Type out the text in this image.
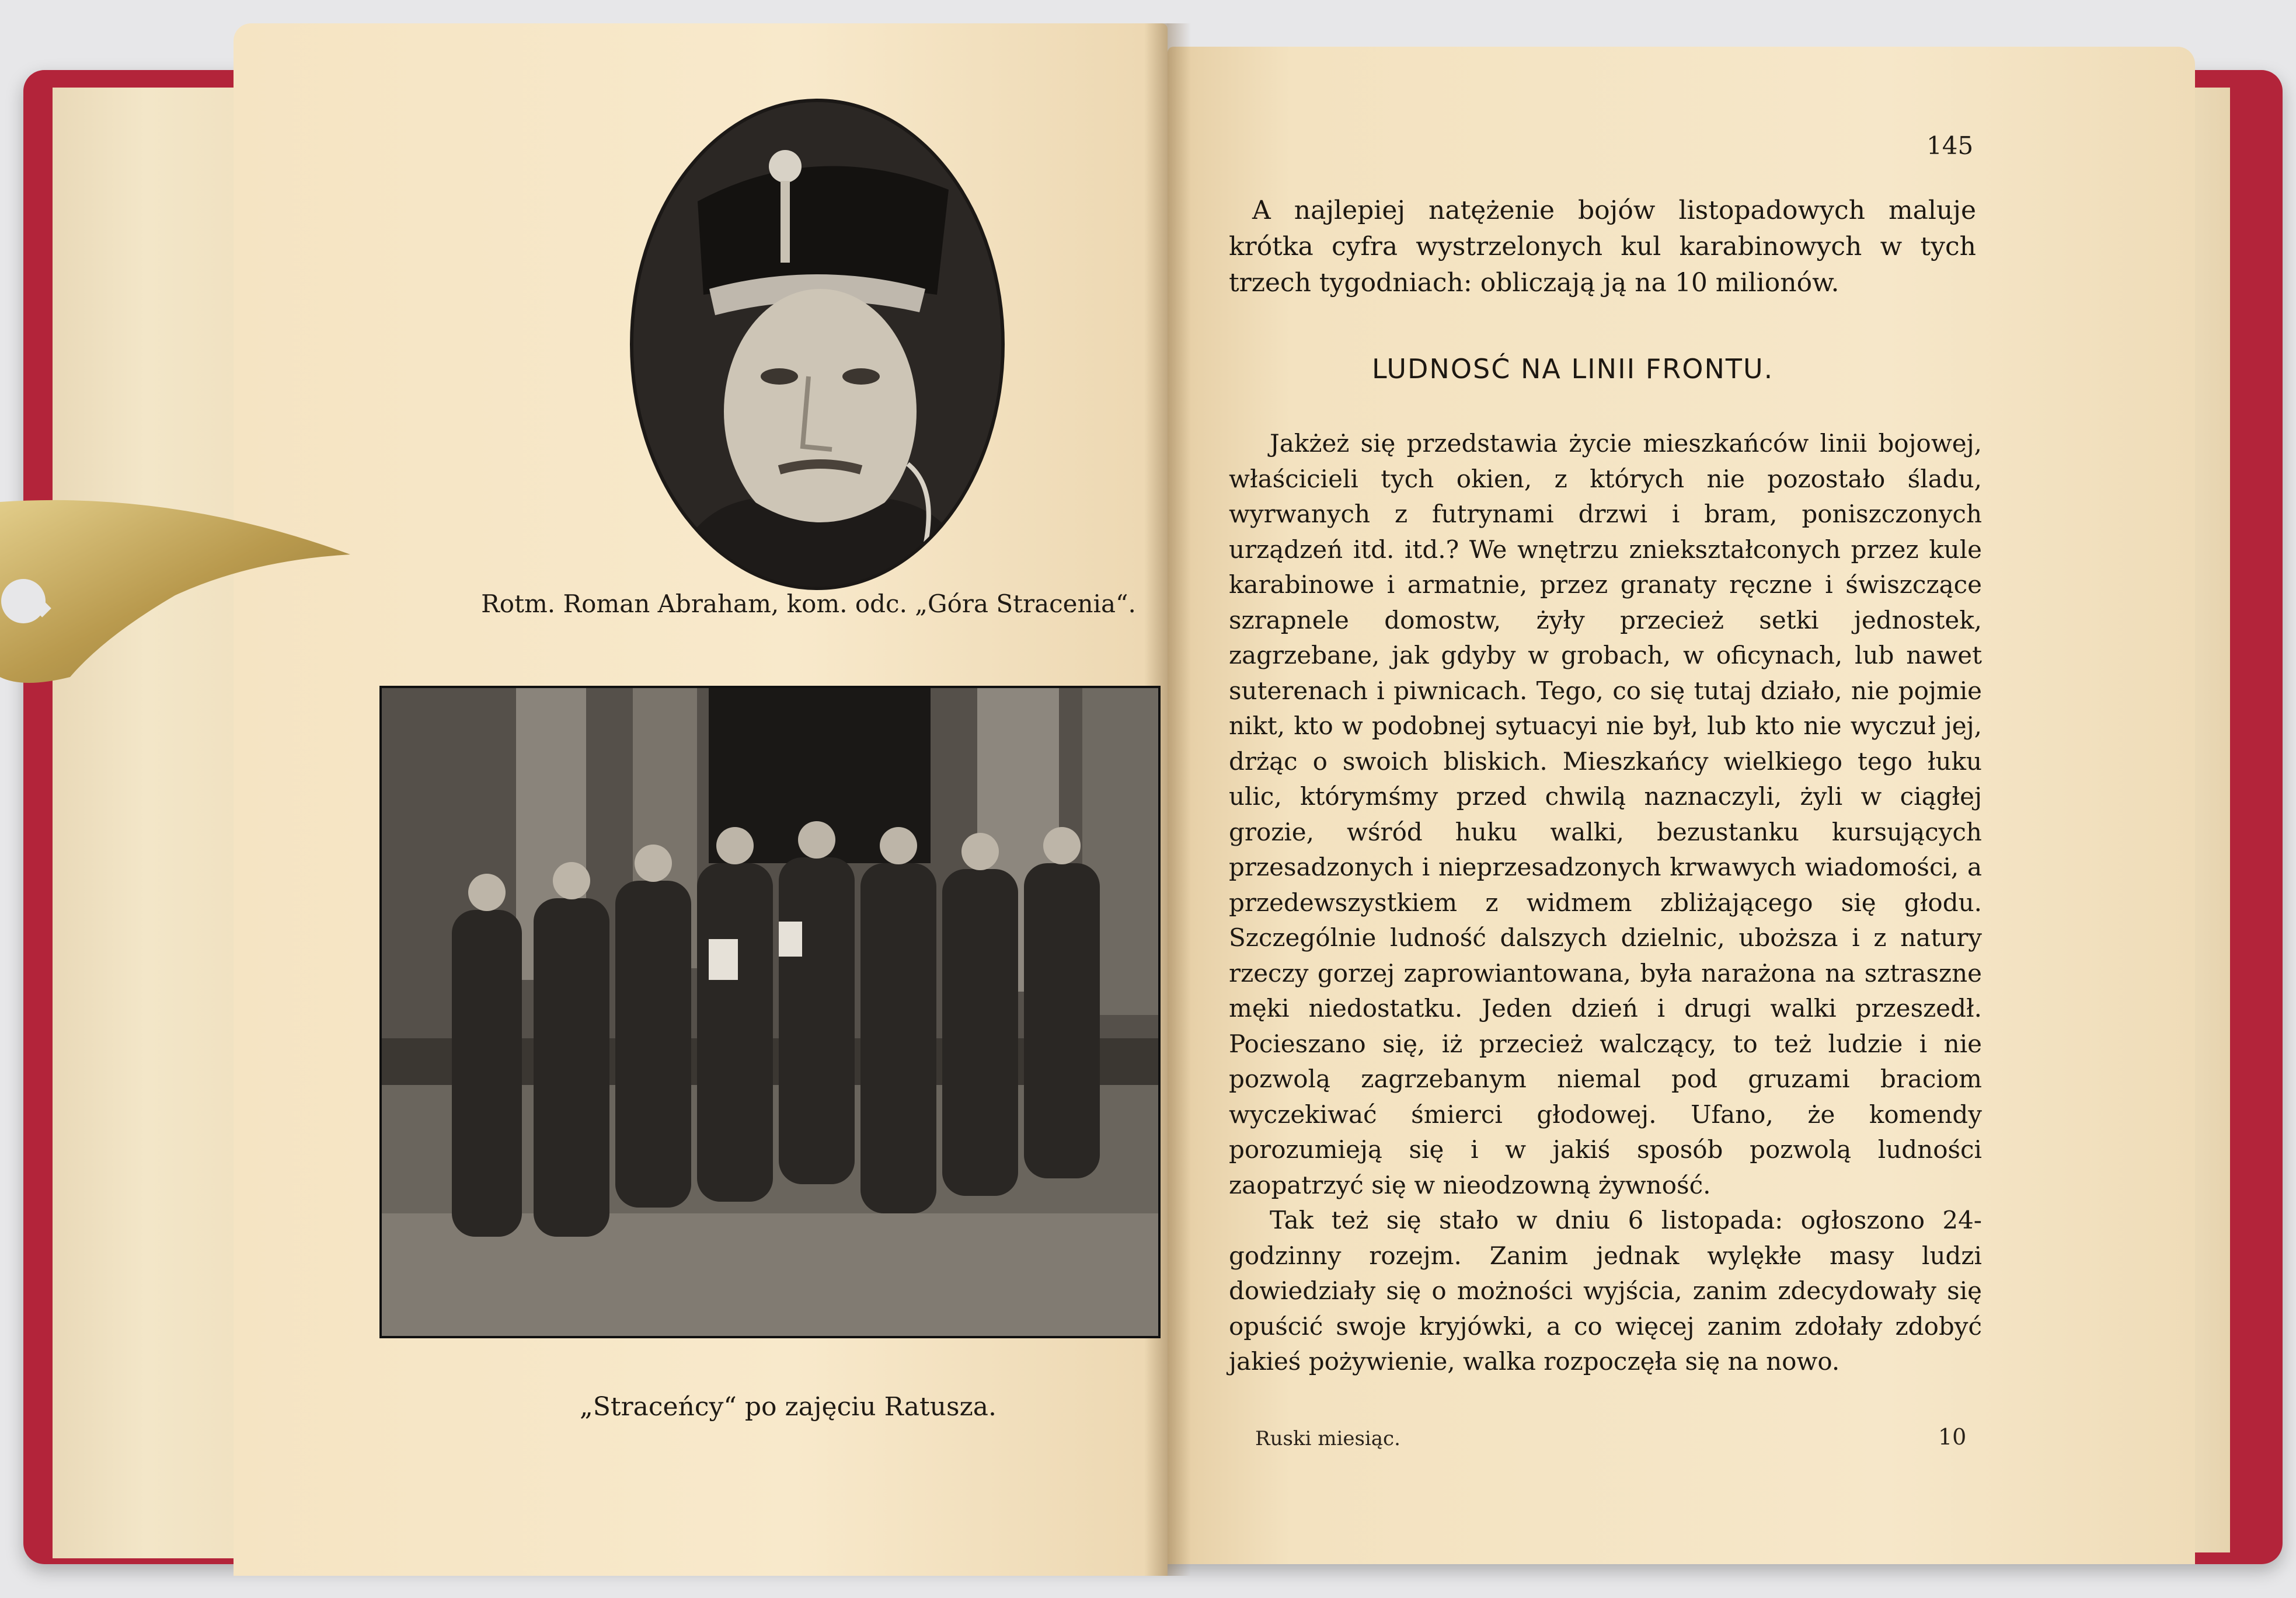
Rotm. Roman Abraham, kom. odc. „Góra Stracenia“.
„Straceńcy“ po zajęciu Ratusza.
145

A najlepiej natężenie bojów listopadowych maluje krótka cyfra wystrzelonych kul karabinowych w tych trzech tygodniach: obliczają ją na 10 milionów.

LUDNOSĆ NA LINII FRONTU.

Jakżeż się przedstawia życie mieszkańców linii bojowej, właścicieli tych okien, z których nie pozostało śladu, wyrwanych z futrynami drzwi i bram, poniszczonych urządzeń itd. itd.? We wnętrzu zniekształconych przez kule karabinowe i armatnie, przez granaty ręczne i świszczące szrapnele domostw, żyły przecież setki jednostek, zagrzebane, jak gdyby w grobach, w oficynach, lub nawet suterenach i piwnicach. Tego, co się tutaj działo, nie pojmie nikt, kto w podobnej sytuacyi nie był, lub kto nie wyczuł jej, drżąc o swoich bliskich. Mieszkańcy wielkiego tego łuku ulic, którymśmy przed chwilą naznaczyli, żyli w ciągłej grozie, wśród huku walki, bezustanku kursujących przesadzonych i nieprzesadzonych krwawych wiadomości, a przedewszystkiem z widmem zbliżającego się głodu. Szczególnie ludność dalszych dzielnic, uboższa i z natury rzeczy gorzej zaprowiantowana, była narażona na sztraszne męki niedostatku. Jeden dzień i drugi walki przeszedł. Pocieszano się, iż przecież walczący, to też ludzie i nie pozwolą zagrzebanym niemal pod gruzami braciom wyczekiwać śmierci głodowej. Ufano, że komendy porozumieją się i w jakiś sposób pozwolą ludności zaopatrzyć się w nieodzowną żywność.

Tak też się stało w dniu 6 listopada: ogłoszono 24-godzinny rozejm. Zanim jednak wylękłe masy ludzi dowiedziały się o możności wyjścia, zanim zdecydowały się opuścić swoje kryjówki, a co więcej zanim zdołały zdobyć jakieś pożywienie, walka rozpoczęła się na nowo.

Ruski miesiąc.	10
